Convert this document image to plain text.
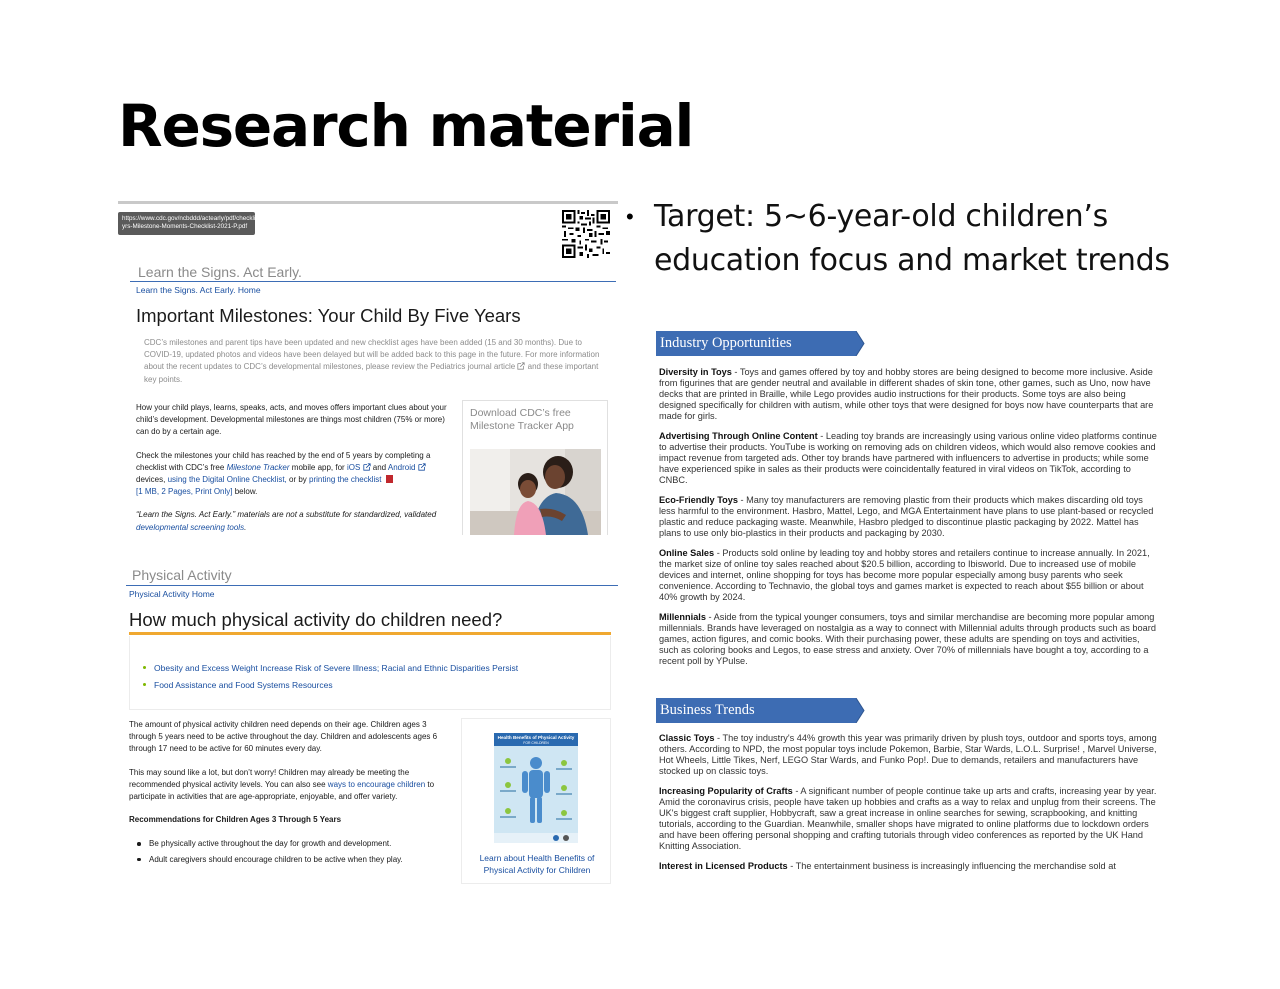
Research material
https://www.cdc.gov/ncbddd/actearly/pdf/checklists/Eng.-5-yrs-Milestone-Moments-Checklist-2021-P.pdf
Learn the Signs. Act Early.
Learn the Signs. Act Early. Home
Important Milestones: Your Child By Five Years
CDC’s milestones and parent tips have been updated and new checklist ages have been added (15 and 30 months). Due to COVID-19, updated photos and videos have been delayed but will be added back to this page in the future. For more information about the recent updates to CDC’s developmental milestones, please review the Pediatrics journal article and these important key points.

How your child plays, learns, speaks, acts, and moves offers important clues about your child’s development. Developmental milestones are things most children (75% or more) can do by a certain age.

Check the milestones your child has reached by the end of 5 years by completing a checklist with CDC’s free Milestone Tracker mobile app, for iOS and Android  devices, using the Digital Online Checklist, or by printing the checklist
[1 MB, 2 Pages, Print Only] below.

“Learn the Signs. Act Early.” materials are not a substitute for standardized, validated developmental screening tools.

Download CDC’s free Milestone Tracker App
Physical Activity
Physical Activity Home
How much physical activity do children need?
Obesity and Excess Weight Increase Risk of Severe Illness; Racial and Ethnic Disparities Persist
Food Assistance and Food Systems Resources

The amount of physical activity children need depends on their age. Children ages 3 through 5 years need to be active throughout the day. Children and adolescents ages 6 through 17 need to be active for 60 minutes every day.

This may sound like a lot, but don’t worry! Children may already be meeting the recommended physical activity levels. You can also see ways to encourage children to participate in activities that are age-appropriate, enjoyable, and offer variety.

Recommendations for Children Ages 3 Through 5 Years
Be physically active throughout the day for growth and development.
Adult caregivers should encourage children to be active when they play.
Health Benefits of Physical Activity
FOR CHILDREN
Learn about Health Benefits of Physical Activity for Children
• Target: 5~6-year-old children’s education focus and market trends
Industry Opportunities

Diversity in Toys - Toys and games offered by toy and hobby stores are being designed to become more inclusive. Aside from figurines that are gender neutral and available in different shades of skin tone, other games, such as Uno, now have decks that are printed in Braille, while Lego provides audio instructions for their products. Some toys are also being designed specifically for children with autism, while other toys that were designed for boys now have counterparts that are made for girls.

Advertising Through Online Content - Leading toy brands are increasingly using various online video platforms continue to advertise their products. YouTube is working on removing ads on children videos, which would also remove cookies and impact revenue from targeted ads. Other toy brands have partnered with influencers to advertise in products; while some have experienced spike in sales as their products were coincidentally featured in viral videos on TikTok, according to CNBC.

Eco-Friendly Toys - Many toy manufacturers are removing plastic from their products which makes discarding old toys less harmful to the environment. Hasbro, Mattel, Lego, and MGA Entertainment have plans to use plant-based or recycled plastic and reduce packaging waste. Meanwhile, Hasbro pledged to discontinue plastic packaging by 2022. Mattel has plans to use only bio-plastics in their products and packaging by 2030.

Online Sales - Products sold online by leading toy and hobby stores and retailers continue to increase annually. In 2021, the market size of online toy sales reached about $20.5 billion, according to Ibisworld. Due to increased use of mobile devices and internet, online shopping for toys has become more popular especially among busy parents who seek convenience. According to Technavio, the global toys and games market is expected to reach about $55 billion or about 40% growth by 2024.

Millennials - Aside from the typical younger consumers, toys and similar merchandise are becoming more popular among millennials. Brands have leveraged on nostalgia as a way to connect with Millennial adults through products such as board games, action figures, and comic books. With their purchasing power, these adults are spending on toys and activities, such as coloring books and Legos, to ease stress and anxiety. Over 70% of millennials have bought a toy, according to a recent poll by YPulse.

Business Trends

Classic Toys - The toy industry's 44% growth this year was primarily driven by plush toys, outdoor and sports toys, among others. According to NPD, the most popular toys include Pokemon, Barbie, Star Wards, L.O.L. Surprise! , Marvel Universe, Hot Wheels, Little Tikes, Nerf, LEGO Star Wards, and Funko Pop!. Due to demands, retailers and manufacturers have stocked up on classic toys.

Increasing Popularity of Crafts - A significant number of people continue take up arts and crafts, increasing year by year. Amid the coronavirus crisis, people have taken up hobbies and crafts as a way to relax and unplug from their screens. The UK's biggest craft supplier, Hobbycraft, saw a great increase in online searches for sewing, scrapbooking, and knitting tutorials, according to the Guardian. Meanwhile, smaller shops have migrated to online platforms due to lockdown orders and have been offering personal shopping and crafting tutorials through video conferences as reported by the UK Hand Knitting Association.

Interest in Licensed Products - The entertainment business is increasingly influencing the merchandise sold at
